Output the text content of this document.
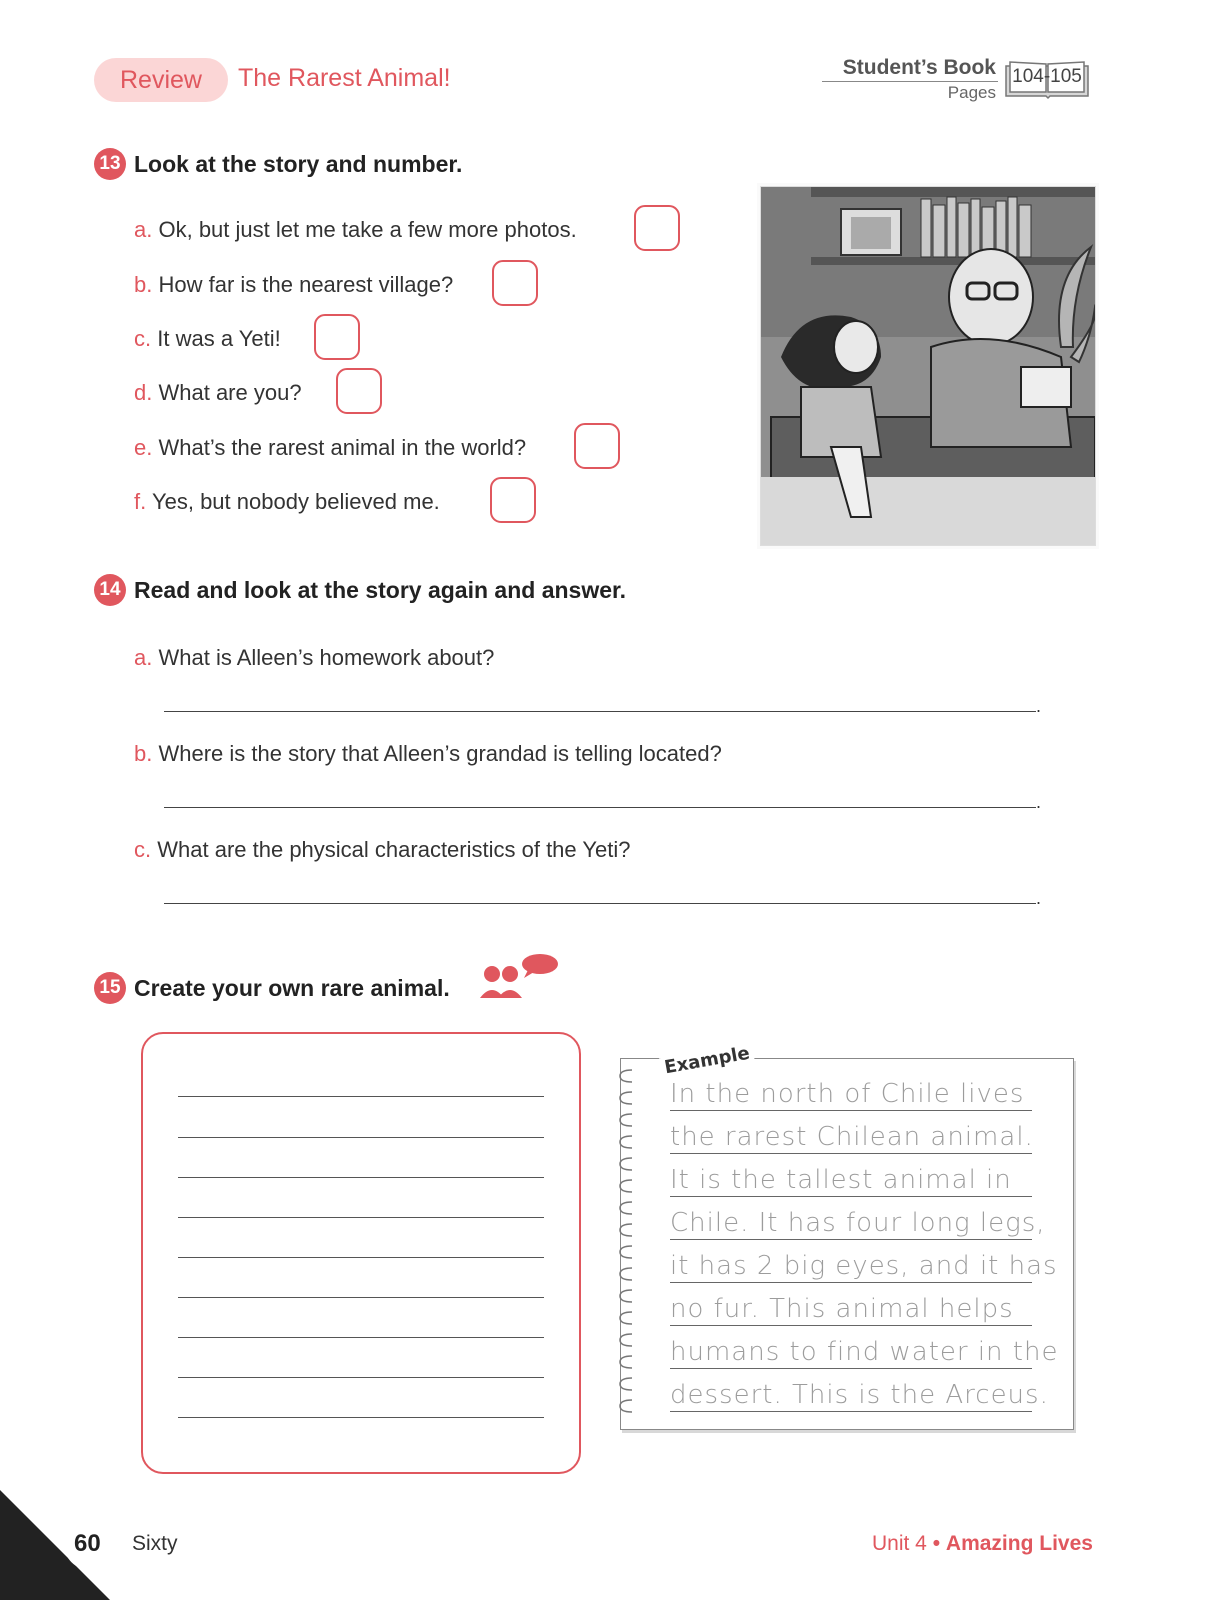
Review	The Rarest Animal!	Student’s Book
Pages
104-105
13 Look at the story and number.
a. Ok, but just let me take a few more photos.
b. How far is the nearest village?
c. It was a Yeti!
d. What are you?
e. What’s the rarest animal in the world?
f. Yes, but nobody believed me.
14 Read and look at the story again and answer.
a. What is Alleen’s homework about?
.
b. Where is the story that Alleen’s grandad is telling located?
.
c. What are the physical characteristics of the Yeti?
.
15 Create your own rare animal.
Example
In the north of Chile lives
the rarest Chilean animal.
It is the tallest animal in
Chile. It has four long legs,
it has 2 big eyes, and it has
no fur. This animal helps
humans to find water in the
dessert. This is the Arceus.
60 Sixty	Unit 4 • Amazing Lives
